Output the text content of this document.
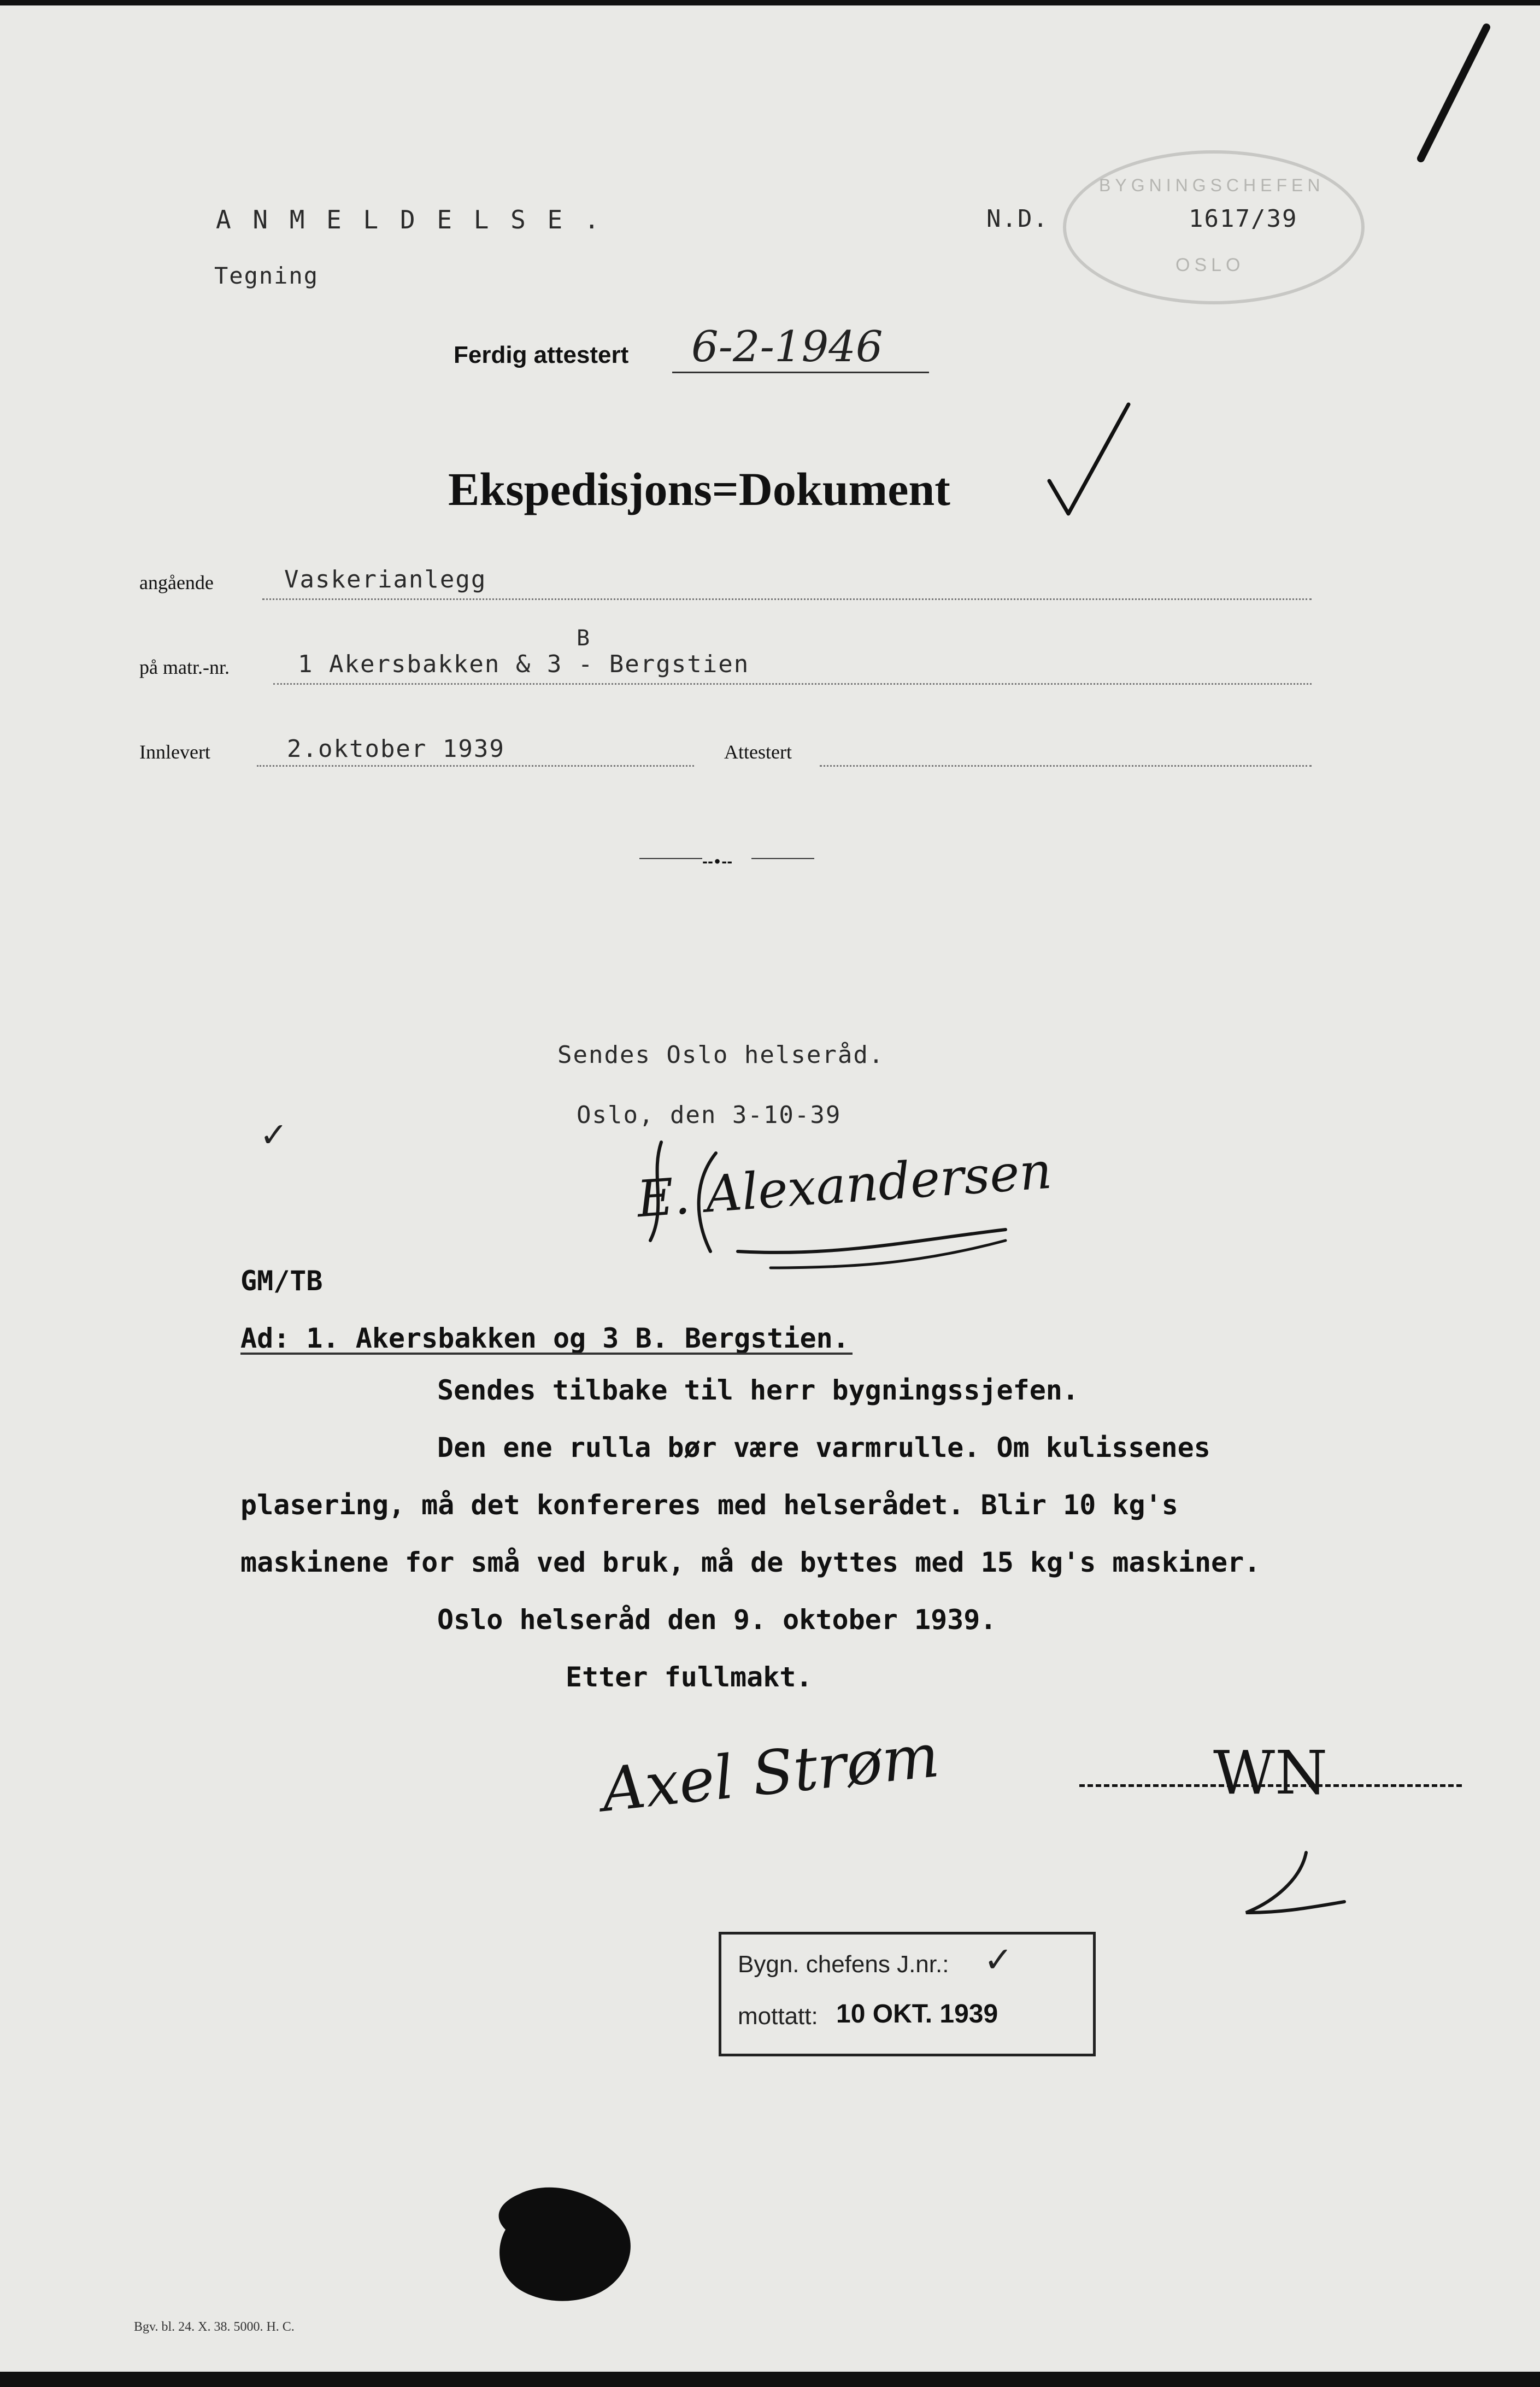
A N M E L D E L S E .
Tegning
N.D.	1617/39
BYGNINGSCHEFEN
OSLO
Ferdig attestert 6-2-1946
Ekspedisjons=Dokument
angående	Vaskerianlegg
B
på matr.-nr.	1 Akersbakken & 3 - Bergstien
Innlevert	2.oktober 1939	Attestert
--•--
Sendes Oslo helseråd.
Oslo, den 3-10-39
✓
E. Alexandersen
GM/TB
Ad: 1. Akersbakken og 3 B. Bergstien.
Sendes tilbake til herr bygningssjefen.
Den ene rulla bør være varmrulle. Om kulissenes
plasering, må det konfereres med helserådet. Blir 10 kg's
maskinene for små ved bruk, må de byttes med 15 kg's maskiner.
Oslo helseråd den 9. oktober 1939.
Etter fullmakt.
Axel Strøm	WN
Bygn. chefens J.nr.: ✓
mottatt: 10 OKT. 1939
Bgv. bl. 24. X. 38. 5000. H. C.
